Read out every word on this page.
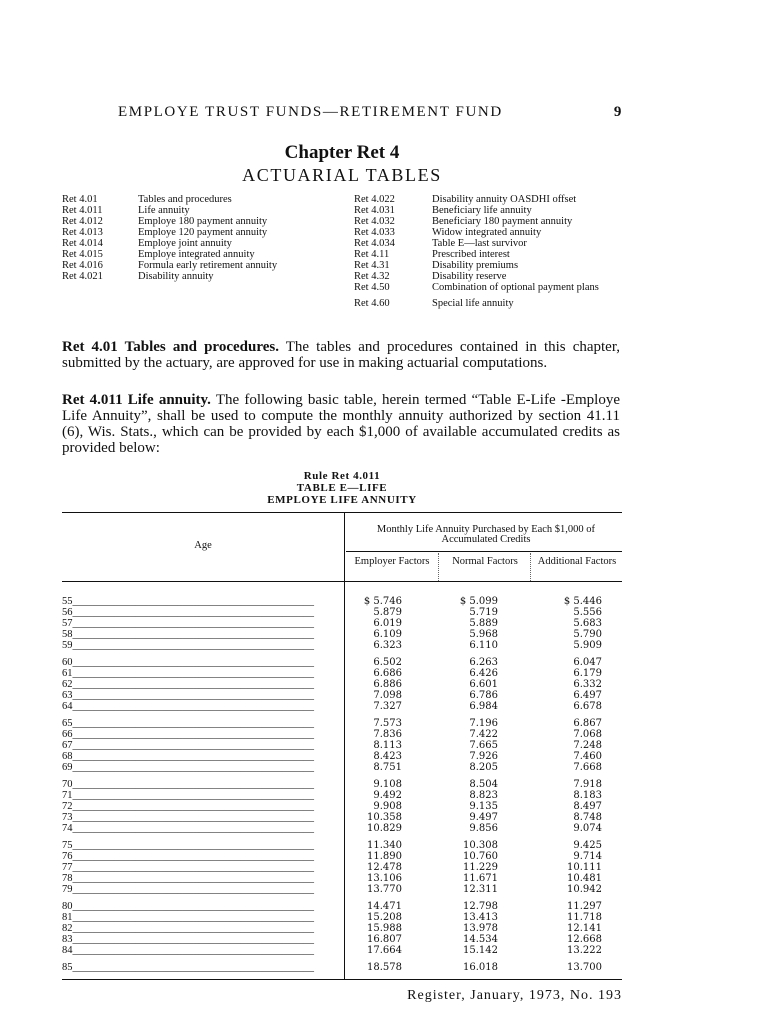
EMPLOYE TRUST FUNDS—RETIREMENT FUND	9
Chapter Ret 4
ACTUARIAL TABLES
Ret 4.01	Tables and procedures
Ret 4.011	Life annuity
Ret 4.012	Employe 180 payment annuity
Ret 4.013	Employe 120 payment annuity
Ret 4.014	Employe joint annuity
Ret 4.015	Employe integrated annuity
Ret 4.016	Formula early retirement annuity
Ret 4.021	Disability annuity
Ret 4.022	Disability annuity OASDHI offset
Ret 4.031	Beneficiary life annuity
Ret 4.032	Beneficiary 180 payment annuity
Ret 4.033	Widow integrated annuity
Ret 4.034	Table E—last survivor
Ret 4.11	Prescribed interest
Ret 4.31	Disability premiums
Ret 4.32	Disability reserve
Ret 4.50	Combination of optional payment plans
Ret 4.60	Special life annuity
Ret 4.01 Tables and procedures. The tables and procedures contained in this chapter, submitted by the actuary, are approved for use in making actuarial computations.
Ret 4.011 Life annuity. The following basic table, herein termed “Table E-Life -Employe Life Annuity”, shall be used to compute the monthly annuity authorized by section 41.11 (6), Wis. Stats., which can be provided by each $1,000 of available accumulated credits as provided below:
Rule Ret 4.011
TABLE E—LIFE
EMPLOYE LIFE ANNUITY
Age
Monthly Life Annuity Purchased by Each $1,000 of Accumulated Credits
Employer Factors	Normal Factors	Additional Factors
55______________________________________________	$ 5.746	$ 5.099	$ 5.446
56______________________________________________	5.879	5.719	5.556
57______________________________________________	6.019	5.889	5.683
58______________________________________________	6.109	5.968	5.790
59______________________________________________	6.323	6.110	5.909
60______________________________________________	6.502	6.263	6.047
61______________________________________________	6.686	6.426	6.179
62______________________________________________	6.886	6.601	6.332
63______________________________________________	7.098	6.786	6.497
64______________________________________________	7.327	6.984	6.678
65______________________________________________	7.573	7.196	6.867
66______________________________________________	7.836	7.422	7.068
67______________________________________________	8.113	7.665	7.248
68______________________________________________	8.423	7.926	7.460
69______________________________________________	8.751	8.205	7.668
70______________________________________________	9.108	8.504	7.918
71______________________________________________	9.492	8.823	8.183
72______________________________________________	9.908	9.135	8.497
73______________________________________________	10.358	9.497	8.748
74______________________________________________	10.829	9.856	9.074
75______________________________________________	11.340	10.308	9.425
76______________________________________________	11.890	10.760	9.714
77______________________________________________	12.478	11.229	10.111
78______________________________________________	13.106	11.671	10.481
79______________________________________________	13.770	12.311	10.942
80______________________________________________	14.471	12.798	11.297
81______________________________________________	15.208	13.413	11.718
82______________________________________________	15.988	13.978	12.141
83______________________________________________	16.807	14.534	12.668
84______________________________________________	17.664	15.142	13.222
85______________________________________________	18.578	16.018	13.700
Register, January, 1973, No. 193
